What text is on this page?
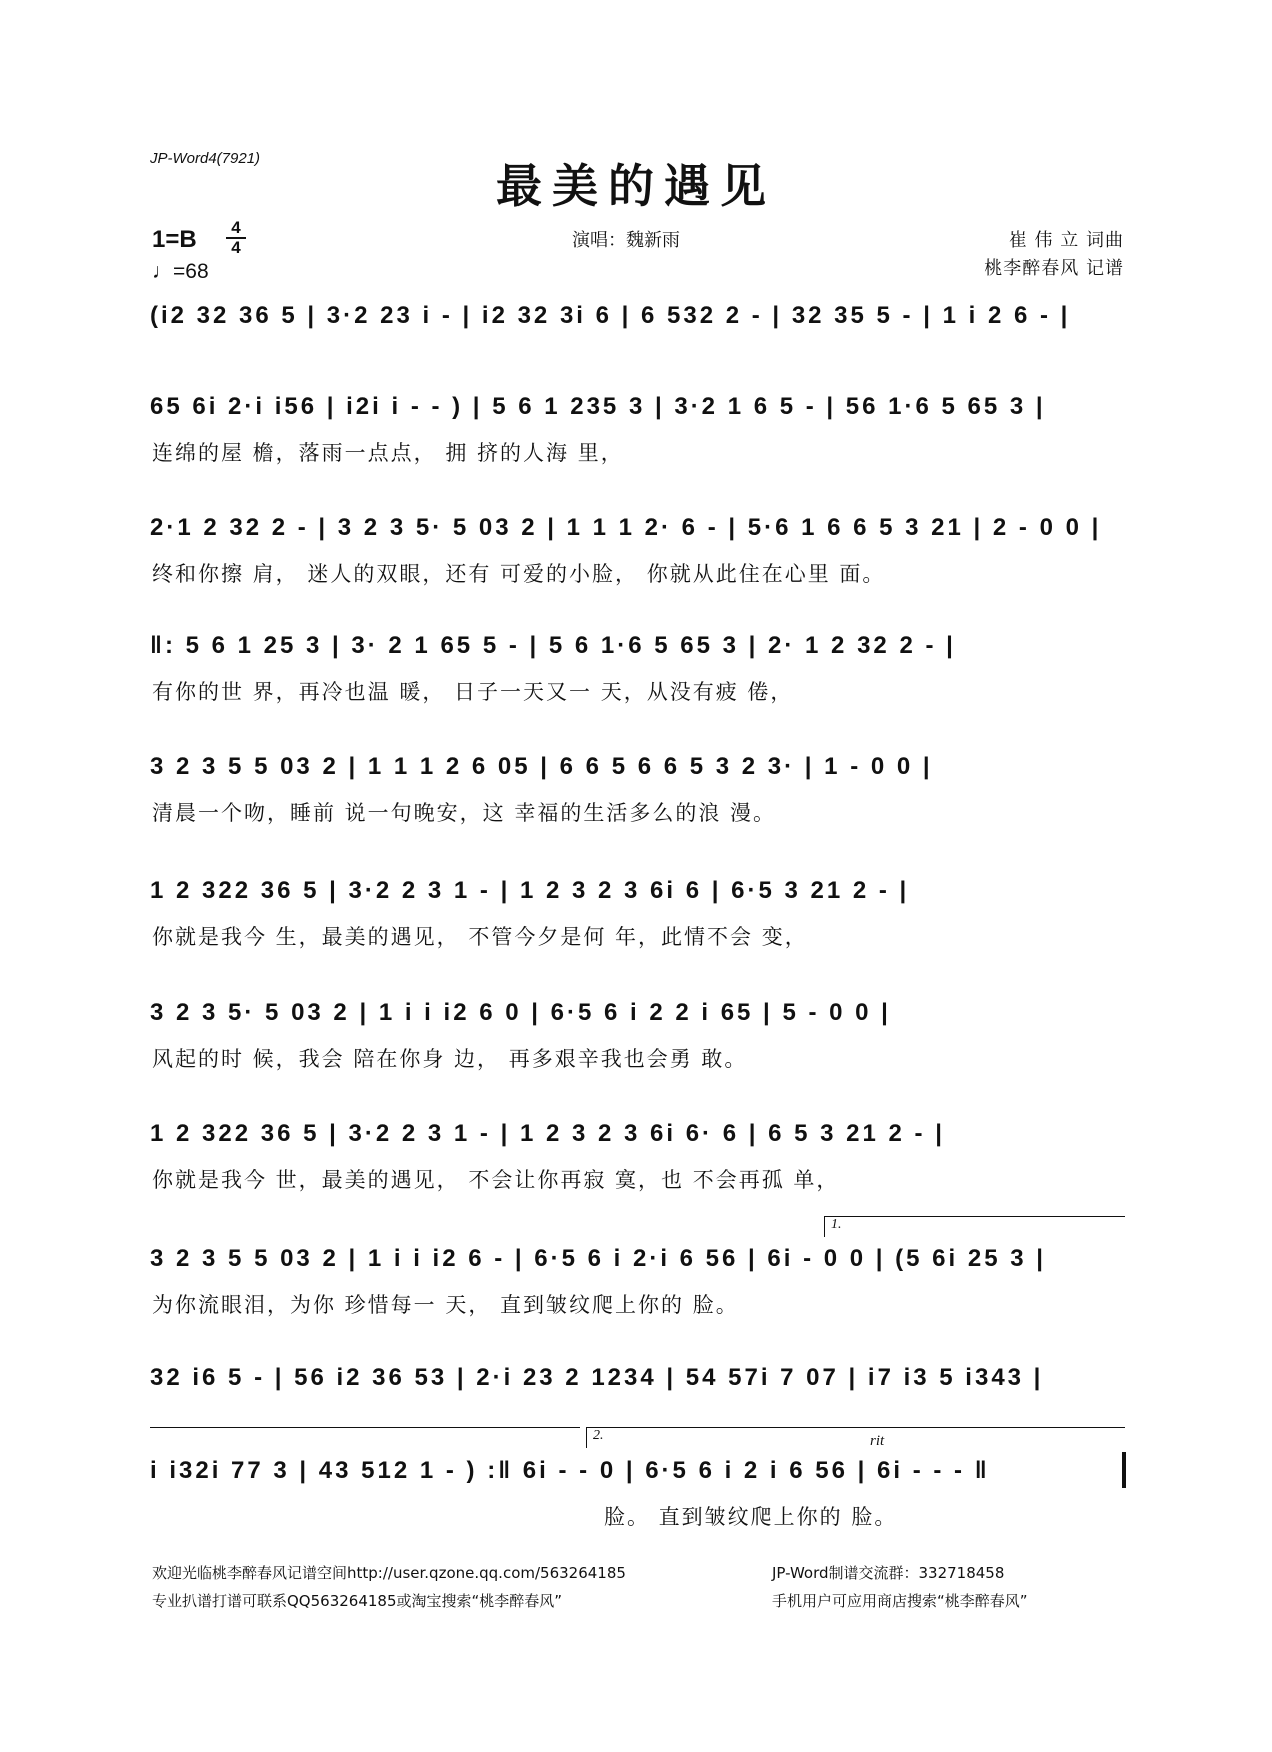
JP-Word4(7921)
最美的遇见
1=B	4
4
♩=68
演唱：魏新雨	崔 伟 立 词曲
桃李醉春风 记谱
(i2 32 36 5 | 3·2 23 i - | i2 32 3i 6 | 6 532 2 - | 32 35 5 - | 1 i 2 6 - |
65 6i 2·i i56 | i2i i - - ) | 5 6 1 235 3 | 3·2 1 6 5 - | 56 1·6 5 65 3 |
连绵的屋 檐，落雨一点点， 拥 挤的人海 里，
2·1 2 32 2 - | 3 2 3 5· 5 03 2 | 1 1 1 2· 6 - | 5·6 1 6 6 5 3 21 | 2 - 0 0 |
终和你擦 肩， 迷人的双眼，还有 可爱的小脸， 你就从此住在心里 面。
‖: 5 6 1 25 3 | 3· 2 1 65 5 - | 5 6 1·6 5 65 3 | 2· 1 2 32 2 - |
有你的世 界，再冷也温 暖， 日子一天又一 天，从没有疲 倦，
3 2 3 5 5 03 2 | 1 1 1 2 6 05 | 6 6 5 6 6 5 3 2 3· | 1 - 0 0 |
清晨一个吻，睡前 说一句晚安，这 幸福的生活多么的浪 漫。
1 2 322 36 5 | 3·2 2 3 1 - | 1 2 3 2 3 6i 6 | 6·5 3 21 2 - |
你就是我今 生，最美的遇见， 不管今夕是何 年，此情不会 变，
3 2 3 5· 5 03 2 | 1 i i i2 6 0 | 6·5 6 i 2 2 i 65 | 5 - 0 0 |
风起的时 候，我会 陪在你身 边， 再多艰辛我也会勇 敢。
1 2 322 36 5 | 3·2 2 3 1 - | 1 2 3 2 3 6i 6· 6 | 6 5 3 21 2 - |
你就是我今 世，最美的遇见， 不会让你再寂 寞，也 不会再孤 单，
1.
3 2 3 5 5 03 2 | 1 i i i2 6 - | 6·5 6 i 2·i 6 56 | 6i - 0 0 | (5 6i 25 3 |
为你流眼泪，为你 珍惜每一 天， 直到皱纹爬上你的 脸。
32 i6 5 - | 56 i2 36 53 | 2·i 23 2 1234 | 54 57i 7 07 | i7 i3 5 i343 |
2.	rit
i i32i 77 3 | 43 512 1 - ) :‖ 6i - - 0 | 6·5 6 i 2 i 6 56 | 6i - - - ‖
脸。 直到皱纹爬上你的 脸。
欢迎光临桃李醉春风记谱空间http://user.qzone.qq.com/563264185	JP-Word制谱交流群：332718458
专业扒谱打谱可联系QQ563264185或淘宝搜索“桃李醉春风”	手机用户可应用商店搜索“桃李醉春风”
